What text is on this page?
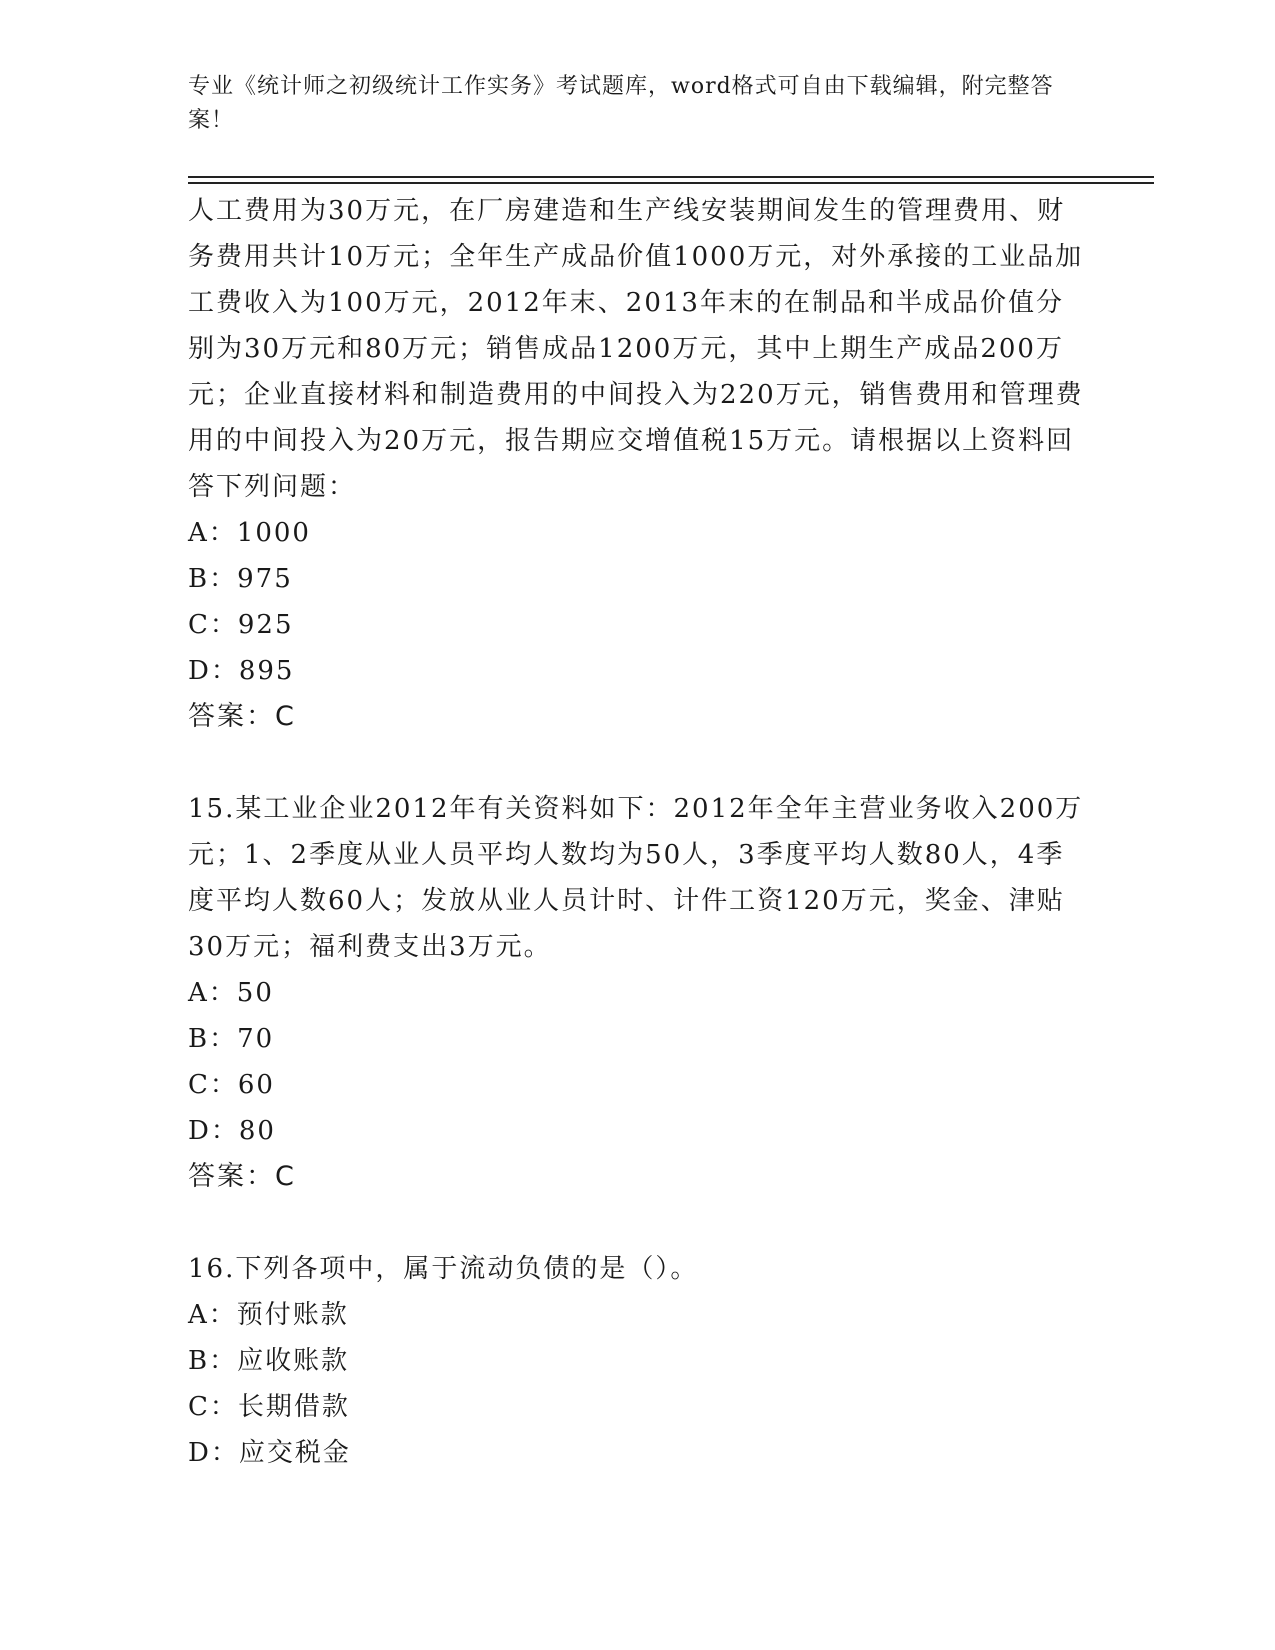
专业《统计师之初级统计工作实务》考试题库，word格式可自由下载编辑，附完整答案！

人工费用为30万元，在厂房建造和生产线安装期间发生的管理费用、财务费用共计10万元；全年生产成品价值1000万元，对外承接的工业品加工费收入为100万元，2012年末、2013年末的在制品和半成品价值分别为30万元和80万元；销售成品1200万元，其中上期生产成品200万元；企业直接材料和制造费用的中间投入为220万元，销售费用和管理费用的中间投入为20万元，报告期应交增值税15万元。请根据以上资料回答下列问题：

A：1000

B：975

C：925

D：895

答案：C

15.某工业企业2012年有关资料如下：2012年全年主营业务收入200万元；1、2季度从业人员平均人数均为50人，3季度平均人数80人，4季度平均人数60人；发放从业人员计时、计件工资120万元，奖金、津贴30万元；福利费支出3万元。

A：50

B：70

C：60

D：80

答案：C

16.下列各项中，属于流动负债的是（）。

A：预付账款

B：应收账款

C：长期借款

D：应交税金
